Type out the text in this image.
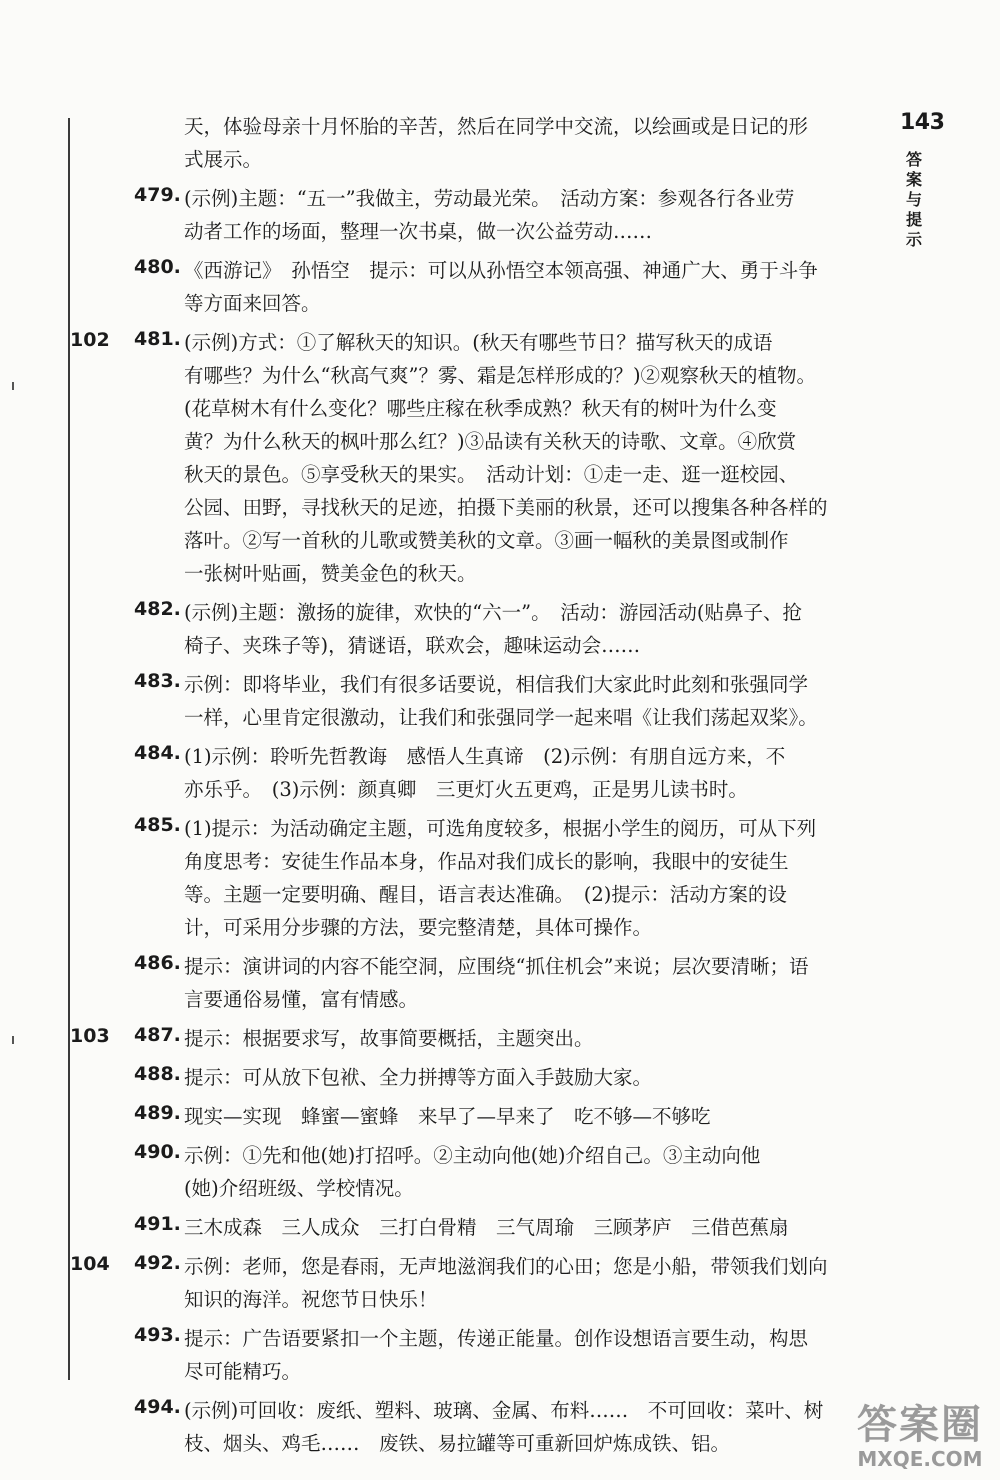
143
答案与提示
天，体验母亲十月怀胎的辛苦，然后在同学中交流，以绘画或是日记的形
式展示。
479. (示例)主题：“五一”我做主，劳动最光荣。　活动方案：参观各行各业劳
动者工作的场面，整理一次书桌，做一次公益劳动……
480. 《西游记》　孙悟空　提示：可以从孙悟空本领高强、神通广大、勇于斗争
等方面来回答。
102 481. (示例)方式：①了解秋天的知识。(秋天有哪些节日？描写秋天的成语
有哪些？为什么“秋高气爽”？雾、霜是怎样形成的？)②观察秋天的植物。
(花草树木有什么变化？哪些庄稼在秋季成熟？秋天有的树叶为什么变
黄？为什么秋天的枫叶那么红？)③品读有关秋天的诗歌、文章。④欣赏
秋天的景色。⑤享受秋天的果实。　活动计划：①走一走、逛一逛校园、
公园、田野，寻找秋天的足迹，拍摄下美丽的秋景，还可以搜集各种各样的
落叶。②写一首秋的儿歌或赞美秋的文章。③画一幅秋的美景图或制作
一张树叶贴画，赞美金色的秋天。
482. (示例)主题：激扬的旋律，欢快的“六一”。　活动：游园活动(贴鼻子、抢
椅子、夹珠子等)，猜谜语，联欢会，趣味运动会……
483. 示例：即将毕业，我们有很多话要说，相信我们大家此时此刻和张强同学
一样，心里肯定很激动，让我们和张强同学一起来唱《让我们荡起双桨》。
484. (1)示例：聆听先哲教诲　感悟人生真谛　(2)示例：有朋自远方来，不
亦乐乎。　(3)示例：颜真卿　三更灯火五更鸡，正是男儿读书时。
485. (1)提示：为活动确定主题，可选角度较多，根据小学生的阅历，可从下列
角度思考：安徒生作品本身，作品对我们成长的影响，我眼中的安徒生
等。主题一定要明确、醒目，语言表达准确。　(2)提示：活动方案的设
计，可采用分步骤的方法，要完整清楚，具体可操作。
486. 提示：演讲词的内容不能空洞，应围绕“抓住机会”来说；层次要清晰；语
言要通俗易懂，富有情感。
103 487. 提示：根据要求写，故事简要概括，主题突出。
488. 提示：可从放下包袱、全力拼搏等方面入手鼓励大家。
489. 现实—实现　蜂蜜—蜜蜂　来早了—早来了　吃不够—不够吃
490. 示例：①先和他(她)打招呼。②主动向他(她)介绍自己。③主动向他
(她)介绍班级、学校情况。
491. 三木成森　三人成众　三打白骨精　三气周瑜　三顾茅庐　三借芭蕉扇
104 492. 示例：老师，您是春雨，无声地滋润我们的心田；您是小船，带领我们划向
知识的海洋。祝您节日快乐！
493. 提示：广告语要紧扣一个主题，传递正能量。创作设想语言要生动，构思
尽可能精巧。
494. (示例)可回收：废纸、塑料、玻璃、金属、布料……　不可回收：菜叶、树
枝、烟头、鸡毛……　废铁、易拉罐等可重新回炉炼成铁、铝。	答案圈
MXQE.COM
